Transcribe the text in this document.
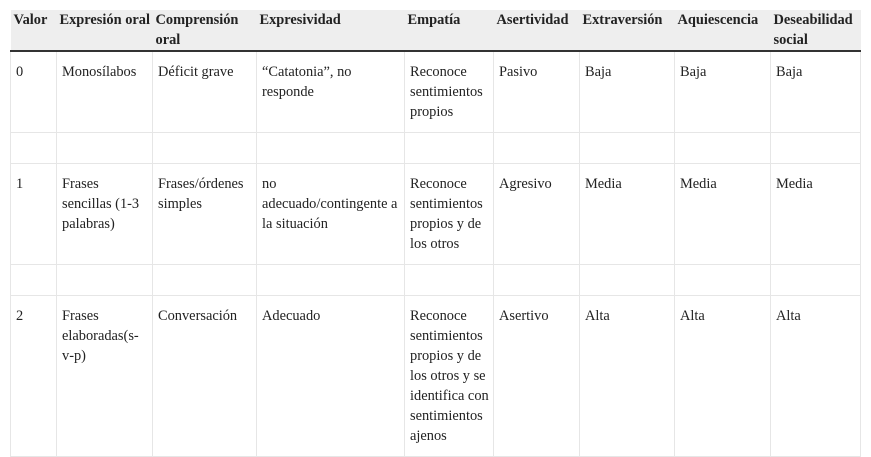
Valor	Expresión oral	Comprensión oral	Expresividad	Empatía	Asertividad	Extraversión	Aquiescencia	Deseabilidad social
0	Monosílabos	Déficit grave	“Catatonia”, no responde	Reconoce sentimientos propios	Pasivo	Baja	Baja	Baja

1	Frases sencillas (1-3 palabras)	Frases/órdenes simples	no adecuado/contingente a la situación	Reconoce sentimientos propios y de los otros	Agresivo	Media	Media	Media

2	Frases elaboradas(s-v-p)	Conversación	Adecuado	Reconoce sentimientos propios y de los otros y se identifica con sentimientos ajenos	Asertivo	Alta	Alta	Alta
